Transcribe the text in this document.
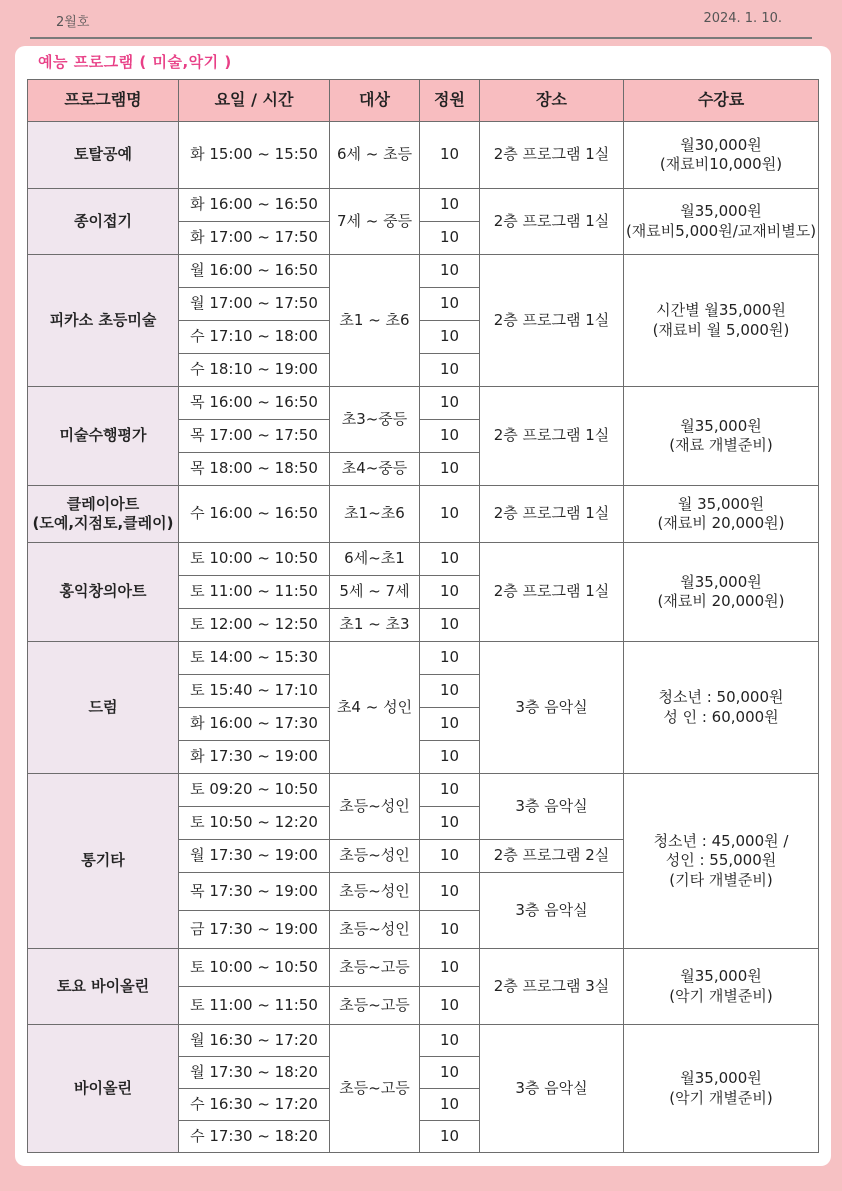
2월호	2024. 1. 10.
예능 프로그램 ( 미술,악기 )
프로그램명	요일 / 시간	대상	정원	장소	수강료
토탈공예	화 15:00 ~ 15:50	6세 ~ 초등	10	2층 프로그램 1실	월30,000원
(재료비10,000원)

종이접기	화 16:00 ~ 16:50	7세 ~ 중등	10	2층 프로그램 1실	월35,000원
(재료비5,000원/교재비별도)

	화 17:00 ~ 17:50		10		
피카소 초등미술	월 16:00 ~ 16:50	초1 ~ 초6	10	2층 프로그램 1실	시간별 월35,000원
(재료비 월 5,000원)

	월 17:00 ~ 17:50		10		
	수 17:10 ~ 18:00		10		
	수 18:10 ~ 19:00		10		
미술수행평가	목 16:00 ~ 16:50	초3~중등	10	2층 프로그램 1실	월35,000원
(재료 개별준비)

	목 17:00 ~ 17:50		10		
	목 18:00 ~ 18:50	초4~중등	10		

클레이아트
(도예,지점토,클레이)	수 16:00 ~ 16:50	초1~초6	10	2층 프로그램 1실	월 35,000원
(재료비 20,000원)

홍익창의아트	토 10:00 ~ 10:50	6세~초1	10	2층 프로그램 1실	월35,000원
(재료비 20,000원)

	토 11:00 ~ 11:50	5세 ~ 7세	10		
	토 12:00 ~ 12:50	초1 ~ 초3	10		
드럼	토 14:00 ~ 15:30	초4 ~ 성인	10	3층 음악실	청소년 : 50,000원
성 인 : 60,000원

	토 15:40 ~ 17:10		10		
	화 16:00 ~ 17:30		10		
	화 17:30 ~ 19:00		10		
통기타	토 09:20 ~ 10:50	초등~성인	10	3층 음악실	청소년 : 45,000원 /
성인 : 55,000원
(기타 개별준비)

	토 10:50 ~ 12:20		10		
	월 17:30 ~ 19:00	초등~성인	10	2층 프로그램 2실	
	목 17:30 ~ 19:00	초등~성인	10	3층 음악실	
	금 17:30 ~ 19:00	초등~성인	10		
토요 바이올린	토 10:00 ~ 10:50	초등~고등	10	2층 프로그램 3실	월35,000원
(악기 개별준비)

	토 11:00 ~ 11:50	초등~고등	10		
바이올린	월 16:30 ~ 17:20	초등~고등	10	3층 음악실	월35,000원
(악기 개별준비)

	월 17:30 ~ 18:20		10		
	수 16:30 ~ 17:20		10		
	수 17:30 ~ 18:20		10		
